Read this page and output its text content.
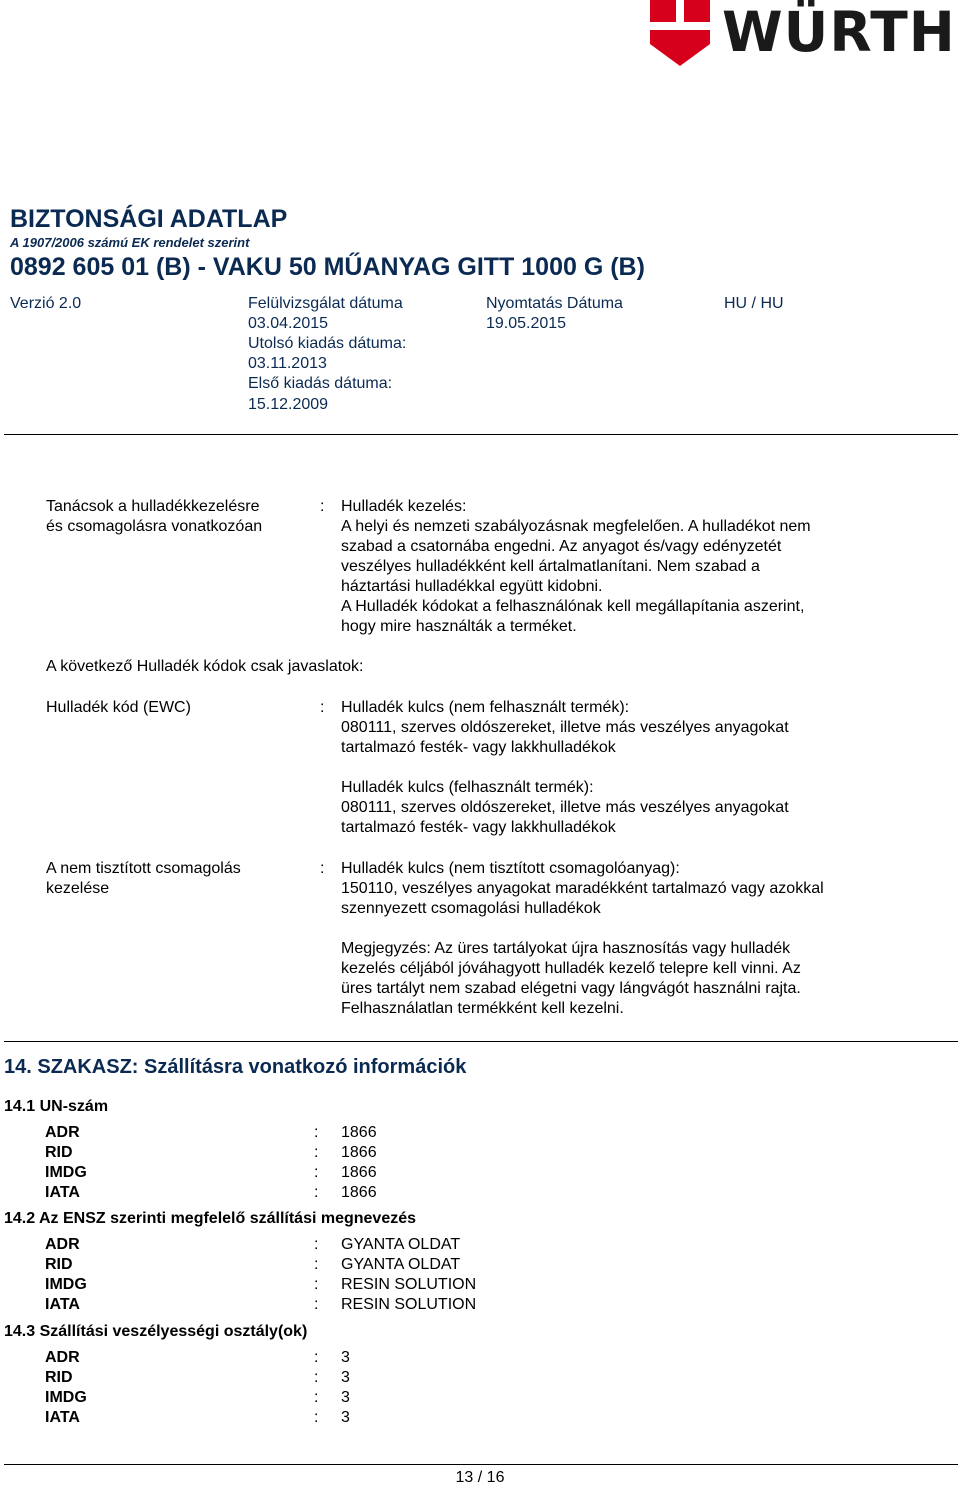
WÜRTH
BIZTONSÁGI ADATLAP
A 1907/2006 számú EK rendelet szerint
0892 605 01 (B) - VAKU 50 MŰANYAG GITT 1000 G (B)
Verzió 2.0	Felülvizsgálat dátuma
03.04.2015
Utolsó kiadás dátuma:
03.11.2013
Első kiadás dátuma:
15.12.2009
Nyomtatás Dátuma
19.05.2015
HU / HU
Tanácsok a hulladékkezelésre
és csomagolásra vonatkozóan
: Hulladék kezelés:
A helyi és nemzeti szabályozásnak megfelelően. A hulladékot nem
szabad a csatornába engedni. Az anyagot és/vagy edényzetét
veszélyes hulladékként kell ártalmatlanítani. Nem szabad a
háztartási hulladékkal együtt kidobni.
A Hulladék kódokat a felhasználónak kell megállapítania aszerint,
hogy mire használták a terméket.
A következő Hulladék kódok csak javaslatok:
Hulladék kód (EWC)	: Hulladék kulcs (nem felhasznált termék):
080111, szerves oldószereket, illetve más veszélyes anyagokat
tartalmazó festék- vagy lakkhulladékok
Hulladék kulcs (felhasznált termék):
080111, szerves oldószereket, illetve más veszélyes anyagokat
tartalmazó festék- vagy lakkhulladékok
A nem tisztított csomagolás
kezelése
: Hulladék kulcs (nem tisztított csomagolóanyag):
150110, veszélyes anyagokat maradékként tartalmazó vagy azokkal
szennyezett csomagolási hulladékok
Megjegyzés: Az üres tartályokat újra hasznosítás vagy hulladék
kezelés céljából jóváhagyott hulladék kezelő telepre kell vinni. Az
üres tartályt nem szabad elégetni vagy lángvágót használni rajta.
Felhasználatlan termékként kell kezelni.
14. SZAKASZ: Szállításra vonatkozó információk
14.1 UN-szám
ADR	: 1866
RID	: 1866
IMDG	: 1866
IATA	: 1866
14.2 Az ENSZ szerinti megfelelő szállítási megnevezés
ADR	: GYANTA OLDAT
RID	: GYANTA OLDAT
IMDG	: RESIN SOLUTION
IATA	: RESIN SOLUTION
14.3 Szállítási veszélyességi osztály(ok)
ADR	: 3
RID	: 3
IMDG	: 3
IATA	: 3
13 / 16
